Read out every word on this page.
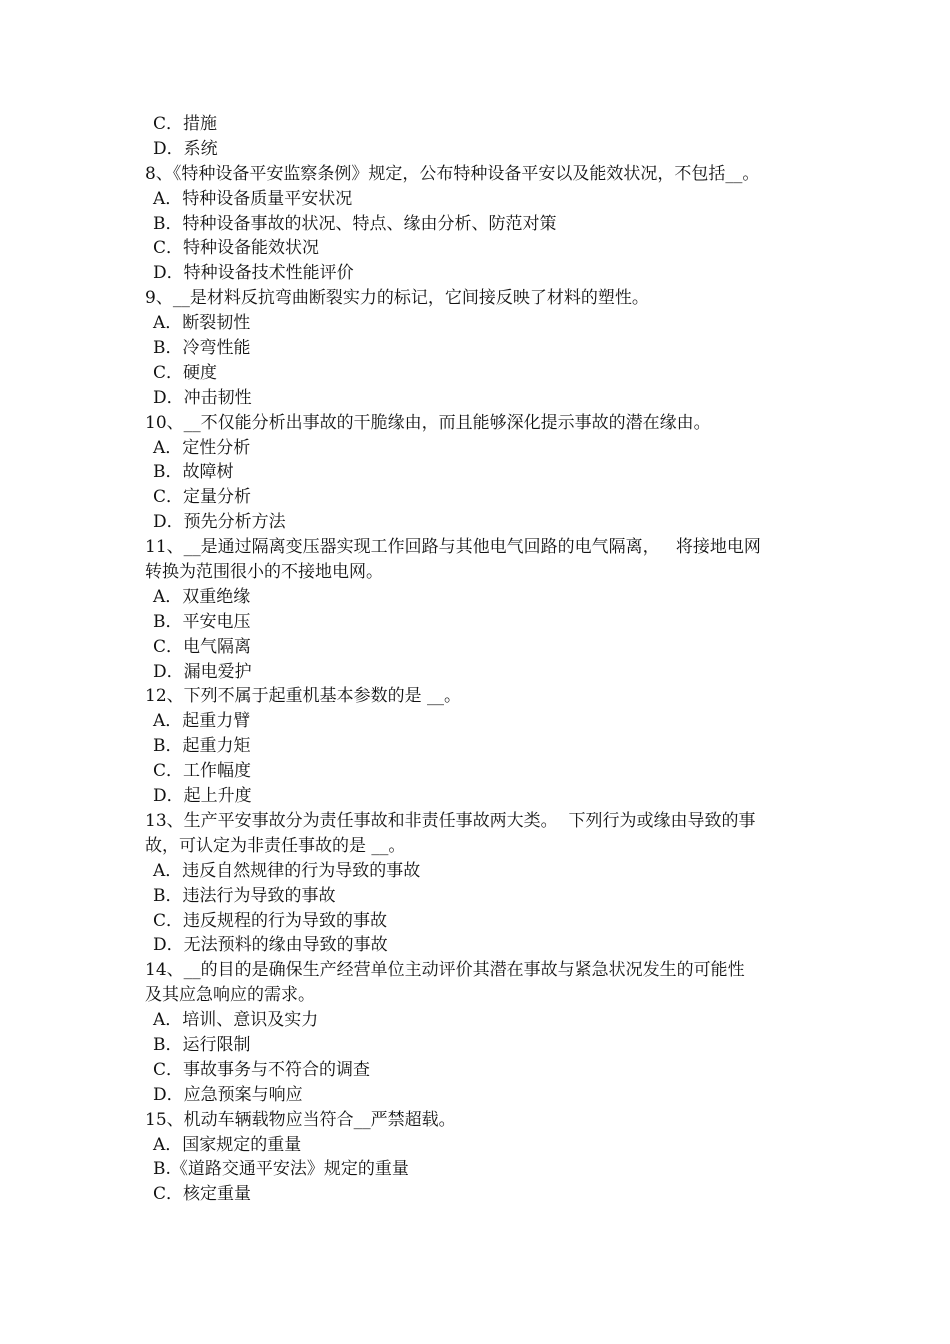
C．措施
D．系统
8、《特种设备平安监察条例》规定，公布特种设备平安以及能效状况，不包括__。
A．特种设备质量平安状况
B．特种设备事故的状况、特点、缘由分析、防范对策
C．特种设备能效状况
D．特种设备技术性能评价
9、__是材料反抗弯曲断裂实力的标记，它间接反映了材料的塑性。
A．断裂韧性
B．冷弯性能
C．硬度
D．冲击韧性
10、__不仅能分析出事故的干脆缘由，而且能够深化提示事故的潜在缘由。
A．定性分析
B．故障树
C．定量分析
D．预先分析方法
11、__是通过隔离变压器实现工作回路与其他电气回路的电气隔离，   将接地电网
转换为范围很小的不接地电网。
A．双重绝缘
B．平安电压
C．电气隔离
D．漏电爱护
12、下列不属于起重机基本参数的是 __。
A．起重力臂
B．起重力矩
C．工作幅度
D．起上升度
13、生产平安事故分为责任事故和非责任事故两大类。  下列行为或缘由导致的事
故，可认定为非责任事故的是 __。
A．违反自然规律的行为导致的事故
B．违法行为导致的事故
C．违反规程的行为导致的事故
D．无法预料的缘由导致的事故
14、__的目的是确保生产经营单位主动评价其潜在事故与紧急状况发生的可能性
及其应急响应的需求。
A．培训、意识及实力
B．运行限制
C．事故事务与不符合的调查
D．应急预案与响应
15、机动车辆载物应当符合__严禁超载。
A．国家规定的重量
B.《道路交通平安法》规定的重量
C．核定重量
